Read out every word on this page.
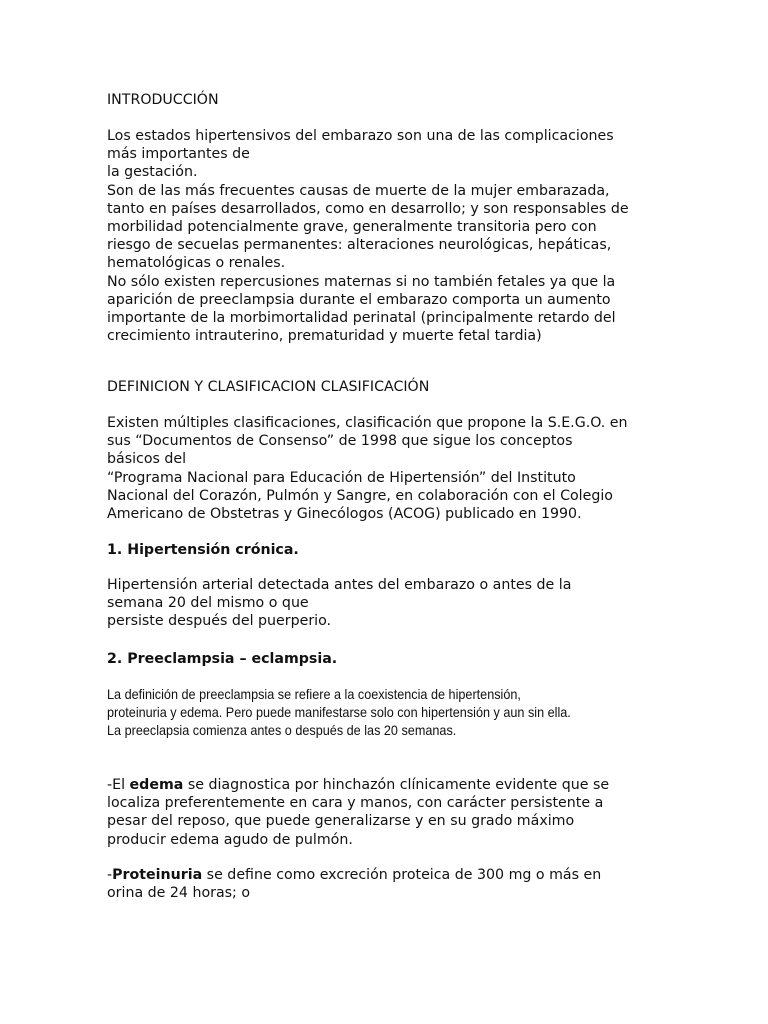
INTRODUCCIÓN

Los estados hipertensivos del embarazo son una de las complicaciones

más importantes de

la gestación.

Son de las más frecuentes causas de muerte de la mujer embarazada,

tanto en países desarrollados, como en desarrollo; y son responsables de

morbilidad potencialmente grave, generalmente transitoria pero con

riesgo de secuelas permanentes: alteraciones neurológicas, hepáticas,

hematológicas o renales.

No sólo existen repercusiones maternas si no también fetales ya que la

aparición de preeclampsia durante el embarazo comporta un aumento

importante de la morbimortalidad perinatal (principalmente retardo del

crecimiento intrauterino, prematuridad y muerte fetal tardia)

DEFINICION Y CLASIFICACION CLASIFICACIÓN

Existen múltiples clasificaciones, clasificación que propone la S.E.G.O. en

sus “Documentos de Consenso” de 1998 que sigue los conceptos

básicos del

“Programa Nacional para Educación de Hipertensión” del Instituto

Nacional del Corazón, Pulmón y Sangre, en colaboración con el Colegio

Americano de Obstetras y Ginecólogos (ACOG) publicado en 1990.

1. Hipertensión crónica.

Hipertensión arterial detectada antes del embarazo o antes de la

semana 20 del mismo o que

persiste después del puerperio.

2. Preeclampsia – eclampsia.

La definición de preeclampsia se refiere a la coexistencia de hipertensión,

proteinuria y edema. Pero puede manifestarse solo con hipertensión y aun sin ella.

La preeclapsia comienza antes o después de las 20 semanas.

-El edema se diagnostica por hinchazón clínicamente evidente que se

localiza preferentemente en cara y manos, con carácter persistente a

pesar del reposo, que puede generalizarse y en su grado máximo

producir edema agudo de pulmón.

-Proteinuria se define como excreción proteica de 300 mg o más en

orina de 24 horas; o
